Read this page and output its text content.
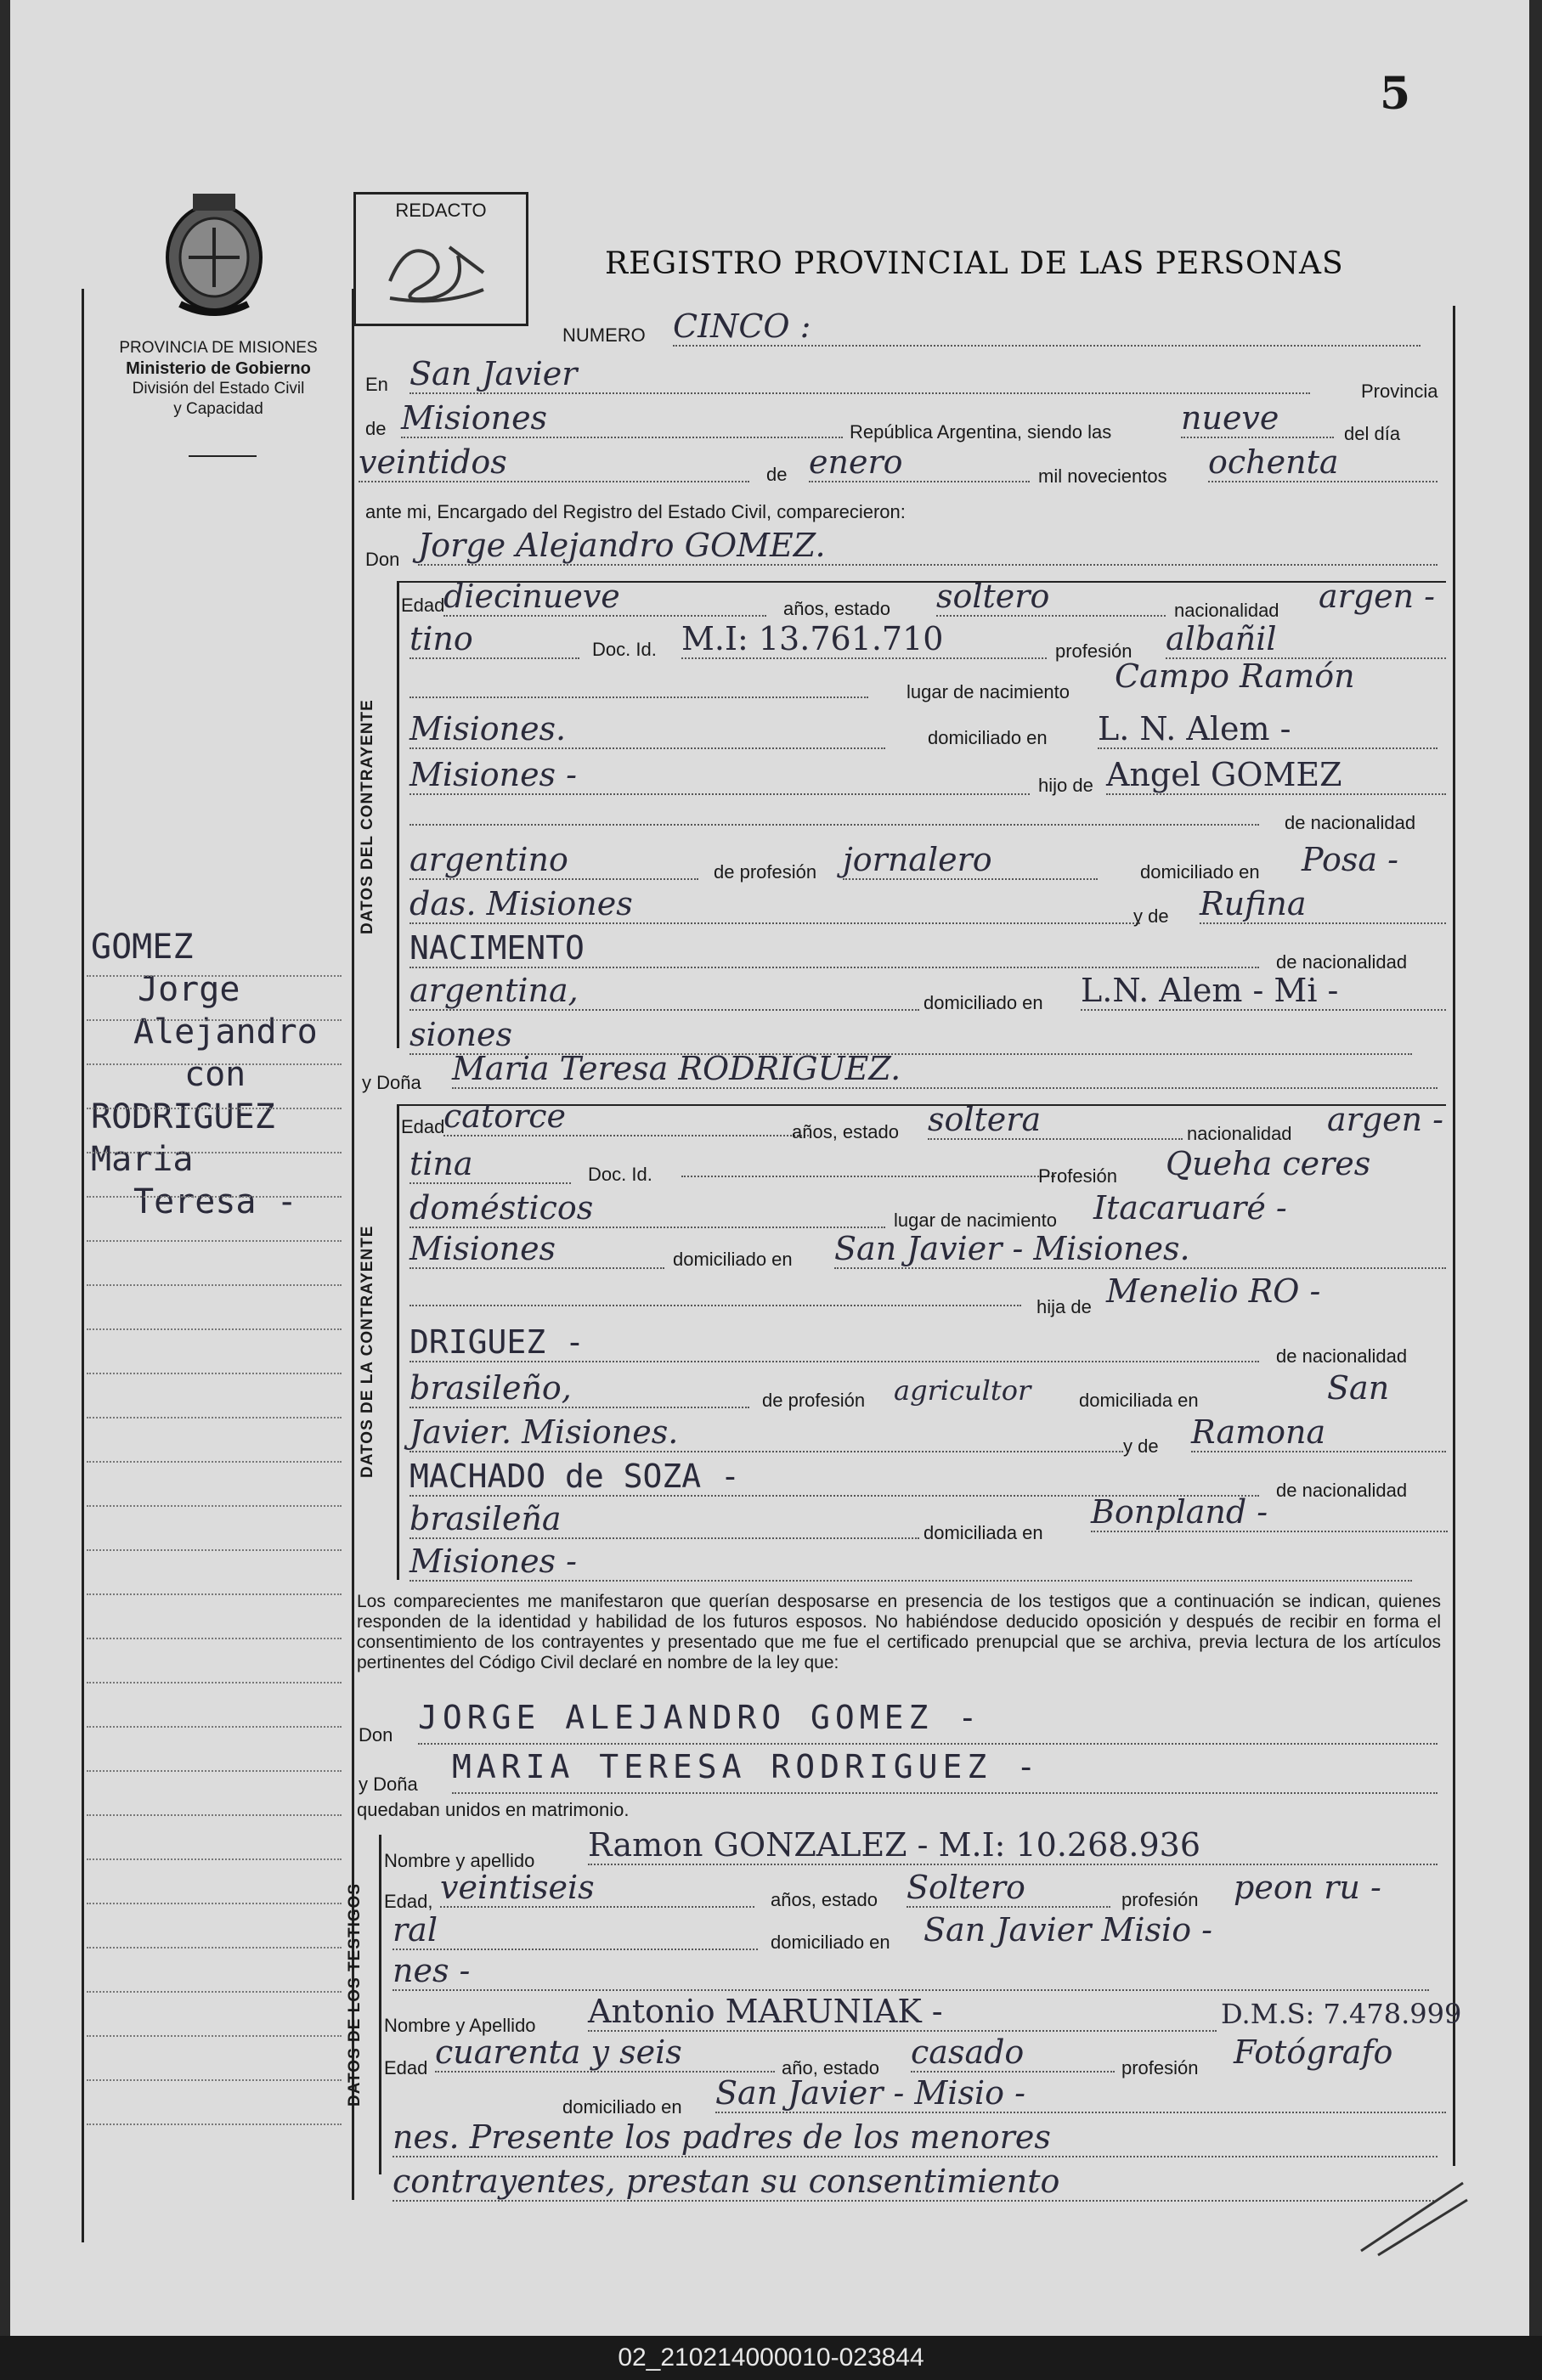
5
PROVINCIA DE MISIONES
Ministerio de Gobierno
División del Estado Civil
y Capacidad
REDACTO
REGISTRO PROVINCIAL DE LAS PERSONAS
GOMEZ
Jorge
Alejandro
con
RODRIGUEZ
Maria
Teresa -
NUMERO CINCO :
En San Javier	Provincia
de Misiones	República Argentina, siendo las nueve	del día
veintidos	de enero	mil novecientos ochenta
ante mi, Encargado del Registro del Estado Civil, comparecieron:
Don Jorge Alejandro GOMEZ.
DATOS DEL CONTRAYENTE
Edad
diecinueve	años, estado soltero	nacionalidad argen -
tino	Doc. Id. M.I: 13.761.710	profesión albañil
lugar de nacimiento Campo Ramón
Misiones.	domiciliado en L. N. Alem -
Misiones -	hijo de Angel GOMEZ
de nacionalidad
argentino	de profesión jornalero	domiciliado en Posa -
das. Misiones	y de Rufina
NACIMENTO	de nacionalidad
argentina,	domiciliado en L.N. Alem - Mi -
siones
y Doña Maria Teresa RODRIGUEZ.
DATOS DE LA CONTRAYENTE
Edad
catorce	años, estado soltera	nacionalidad argen -
tina	Doc. Id.	Profesión Queha ceres
domésticos	lugar de nacimiento Itacaruaré -
Misiones	domiciliado en San Javier - Misiones.
hija de Menelio RO -
DRIGUEZ -	de nacionalidad
brasileño,	de profesión agricultor	domiciliada en	San
Javier. Misiones.	y de Ramona
MACHADO de SOZA -	de nacionalidad
brasileña	domiciliada en
Bonpland -
Misiones -
Los comparecientes me manifestaron que querían desposarse en presencia de los testigos que a continuación se indican, quienes responden de la identidad y habilidad de los futuros esposos. No habiéndose deducido oposición y después de recibir en forma el consentimiento de los contrayentes y presentado que me fue el certificado prenupcial que se archiva, previa lectura de los artículos pertinentes del Código Civil declaré en nombre de la ley que:
Don JORGE ALEJANDRO GOMEZ -
y Doña MARIA TERESA RODRIGUEZ -
quedaban unidos en matrimonio.
DATOS DE LOS TESTIGOS
Nombre y apellido Ramon GONZALEZ - M.I: 10.268.936
Edad, veintiseis	años, estado Soltero	profesión peon ru -
ral	domiciliado en San Javier Misio -
nes -
Nombre y Apellido Antonio MARUNIAK -	D.M.S: 7.478.999
Edad cuarenta y seis	año, estado casado	profesión Fotógrafo
domiciliado en San Javier - Misio -
nes. Presente los padres de los menores
contrayentes, prestan su consentimiento
02_210214000010-023844
